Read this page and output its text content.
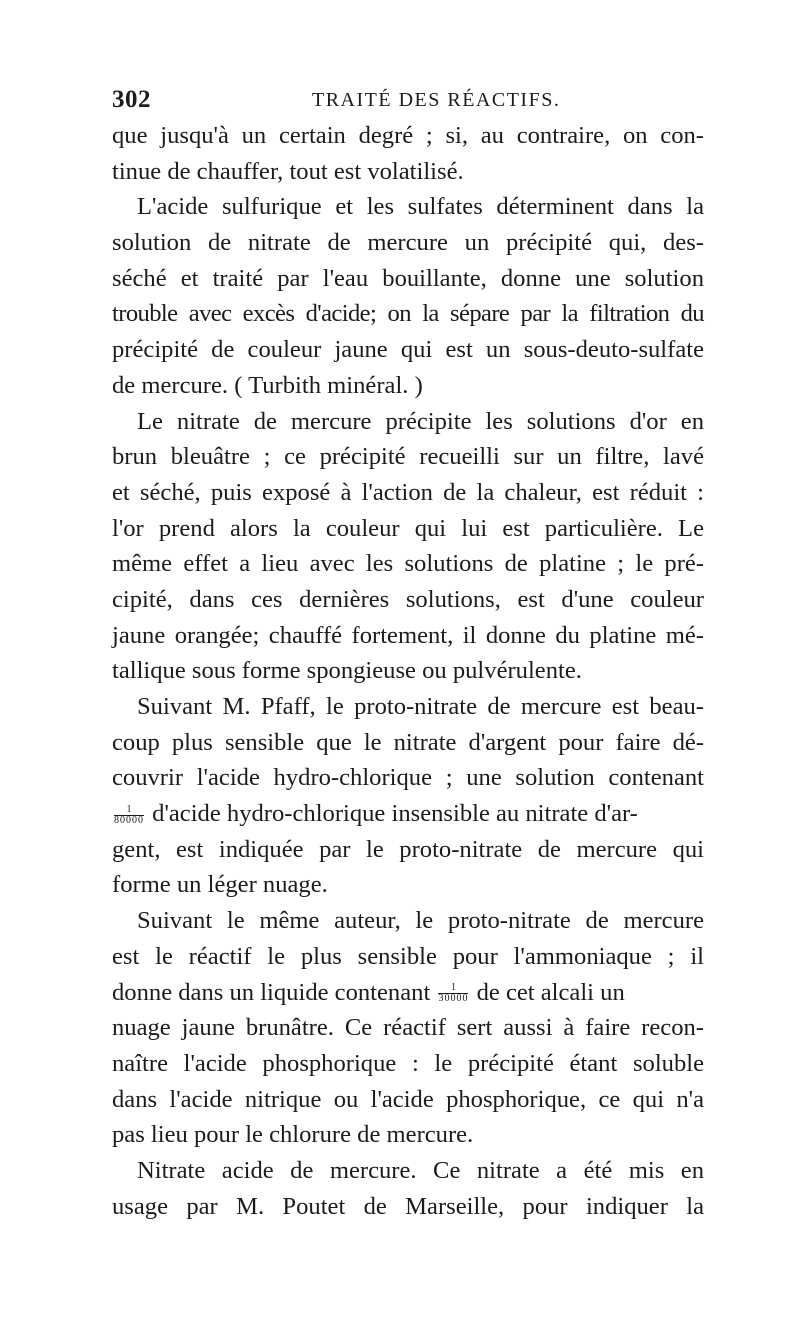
302	TRAITÉ DES RÉACTIFS.
que jusqu'à un certain degré ; si, au contraire, on con-
tinue de chauffer, tout est volatilisé.
L'acide sulfurique et les sulfates déterminent dans la
solution de nitrate de mercure un précipité qui, des-
séché et traité par l'eau bouillante, donne une solution
trouble avec excès d'acide; on la sépare par la filtration du
précipité de couleur jaune qui est un sous-deuto-sulfate
de mercure. ( Turbith minéral. )
Le nitrate de mercure précipite les solutions d'or en
brun bleuâtre ; ce précipité recueilli sur un filtre, lavé
et séché, puis exposé à l'action de la chaleur, est réduit :
l'or prend alors la couleur qui lui est particulière. Le
même effet a lieu avec les solutions de platine ; le pré-
cipité, dans ces dernières solutions, est d'une couleur
jaune orangée; chauffé fortement, il donne du platine mé-
tallique sous forme spongieuse ou pulvérulente.
Suivant M. Pfaff, le proto-nitrate de mercure est beau-
coup plus sensible que le nitrate d'argent pour faire dé-
couvrir l'acide hydro-chlorique ; une solution contenant
$\frac{1}{80000}$ d'acide hydro-chlorique insensible au nitrate d'ar-
gent, est indiquée par le proto-nitrate de mercure qui
forme un léger nuage.
Suivant le même auteur, le proto-nitrate de mercure
est le réactif le plus sensible pour l'ammoniaque ; il
donne dans un liquide contenant $\frac{1}{30000}$ de cet alcali un
nuage jaune brunâtre. Ce réactif sert aussi à faire recon-
naître l'acide phosphorique : le précipité étant soluble
dans l'acide nitrique ou l'acide phosphorique, ce qui n'a
pas lieu pour le chlorure de mercure.
Nitrate acide de mercure. Ce nitrate a été mis en
usage par M. Poutet de Marseille, pour indiquer la
